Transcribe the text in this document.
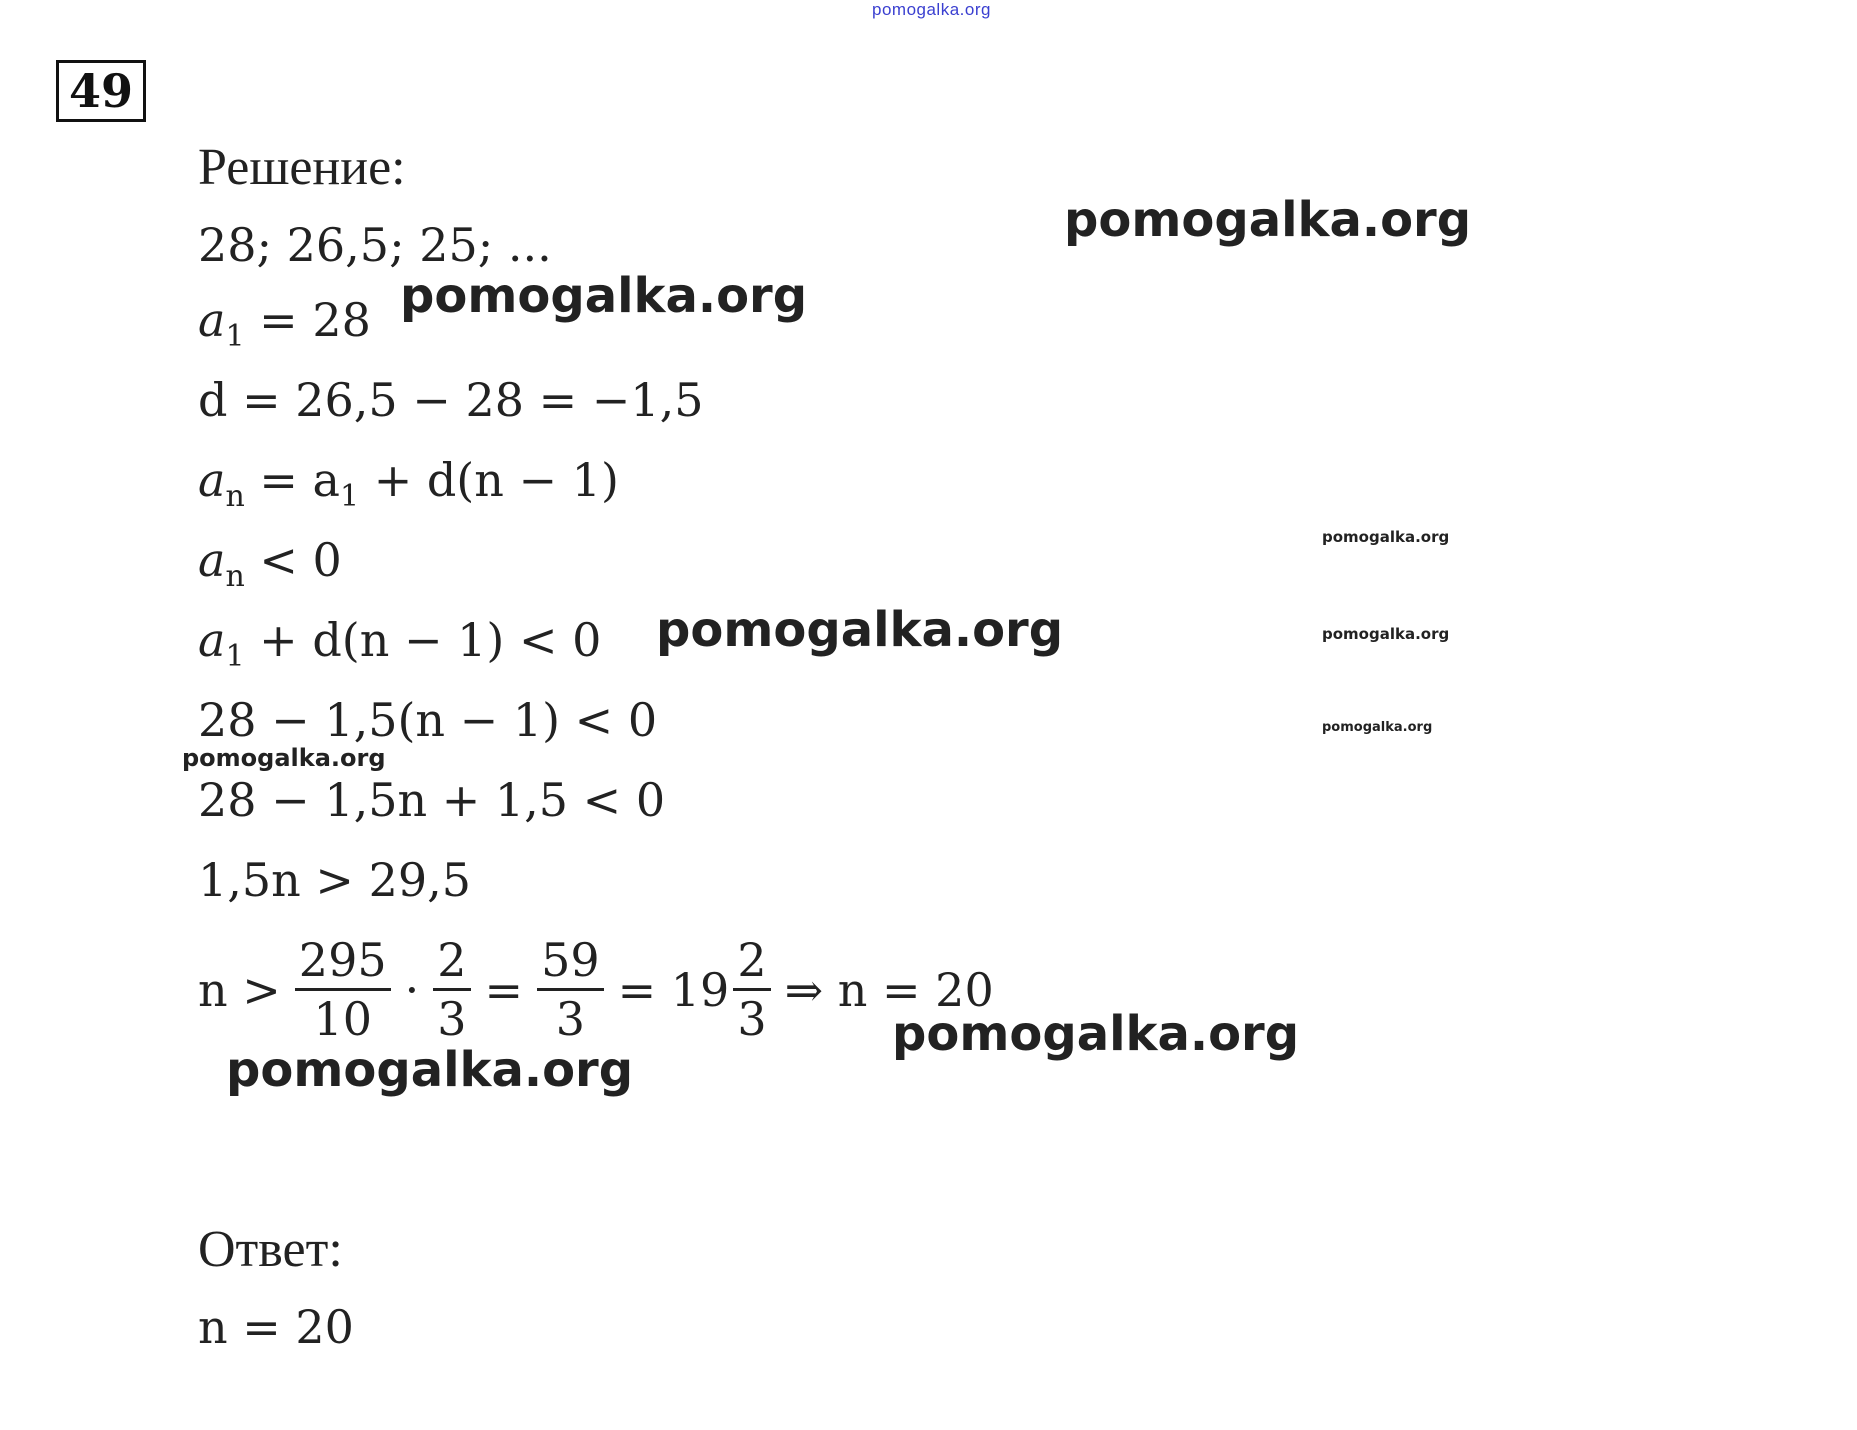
pomogalka.org
49
Решение:
28; 26,5; 25; ...
$a_1 = 28$
d = 26,5 − 28 = −1,5
$a_n = a_1 + d(n - 1)$
$a_n < 0$
$a_1 + d(n - 1) < 0$
28 − 1,5(n − 1) < 0
28 − 1,5n + 1,5 < 0
1,5n > 29,5
$n > \frac{295}{10} \cdot \frac{2}{3} = \frac{59}{3} = 19 \frac{2}{3}$ ⇒ n = 20
Ответ:
n = 20
pomogalka.org
pomogalka.org
pomogalka.org
pomogalka.org	pomogalka.org
pomogalka.org
pomogalka.org
pomogalka.org
pomogalka.org
